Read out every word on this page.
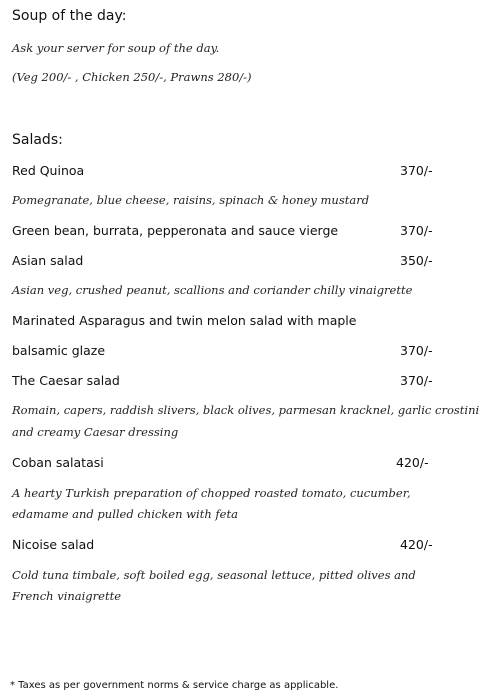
Soup of the day:
Ask your server for soup of the day.
(Veg 200/- , Chicken 250/-, Prawns 280/-)
Salads:
Red Quinoa	370/-
Pomegranate, blue cheese, raisins, spinach & honey mustard
Green bean, burrata, pepperonata and sauce vierge	370/-
Asian salad	350/-
Asian veg, crushed peanut, scallions and coriander chilly vinaigrette
Marinated Asparagus and twin melon salad with maple
balsamic glaze	370/-
The Caesar salad	370/-
Romain, capers, raddish slivers, black olives, parmesan kracknel, garlic crostini
and creamy Caesar dressing
Coban salatasi	420/-
A hearty Turkish preparation of chopped roasted tomato, cucumber,
edamame and pulled chicken with feta
Nicoise salad	420/-
Cold tuna timbale, soft boiled egg, seasonal lettuce, pitted olives and
French vinaigrette
* Taxes as per government norms & service charge as applicable.
